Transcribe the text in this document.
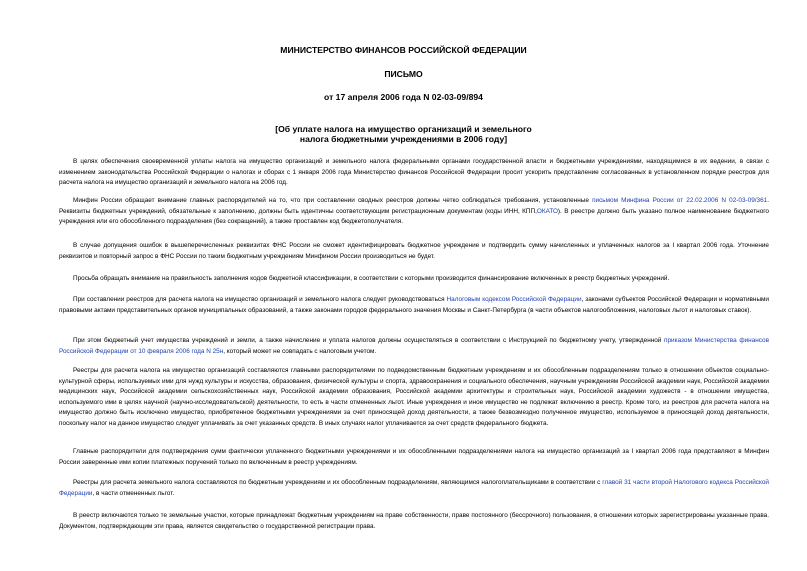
МИНИСТЕРСТВО ФИНАНСОВ РОССИЙСКОЙ ФЕДЕРАЦИИ
ПИСЬМО
от 17 апреля 2006 года N 02-03-09/894
[Об уплате налога на имущество организаций и земельного
налога бюджетными учреждениями в 2006 году]

В целях обеспечения своевременной уплаты налога на имущество организаций и земельного налога федеральными органами государственной власти и бюджетными учреждениями, находящимися в их ведении, в связи с изменением законодательства Российской Федерации о налогах и сборах с 1 января 2006 года Министерство финансов Российской Федерации просит ускорить представление согласованных в установленном порядке реестров для расчета налога на имущество организаций и земельного налога на 2006 год.

Минфин России обращает внимание главных распорядителей на то, что при составлении сводных реестров должны четко соблюдаться требования, установленные письмом Минфина России от 22.02.2006 N 02-03-09/361. Реквизиты бюджетных учреждений, обязательные к заполнению, должны быть идентичны соответствующим регистрационным документам (коды ИНН, КПП,ОКАТО). В реестре должно быть указано полное наименование бюджетного учреждения или его обособленного подразделения (без сокращений), а также проставлен код бюджетополучателя.

В случае допущения ошибок в вышеперечисленных реквизитах ФНС России не сможет идентифицировать бюджетное учреждение и подтвердить сумму начисленных и уплаченных налогов за I квартал 2006 года. Уточнение реквизитов и повторный запрос в ФНС России по таким бюджетным учреждениям Минфином России производиться не будет.

Просьба обращать внимание на правильность заполнения кодов бюджетной классификации, в соответствии с которыми производится финансирование включенных в реестр бюджетных учреждений.

При составлении реестров для расчета налога на имущество организаций и земельного налога следует руководствоваться Налоговым кодексом Российской Федерации, законами субъектов Российской Федерации и нормативными правовыми актами представительных органов муниципальных образований, а также законами городов федерального значения Москвы и Санкт-Петербурга (в части объектов налогообложения, налоговых льгот и налоговых ставок).

При этом бюджетный учет имущества учреждений и земли, а также начисление и уплата налогов должны осуществляться в соответствии с Инструкцией по бюджетному учету, утвержденной приказом Министерства финансов Российской Федерации от 10 февраля 2006 года N 25н, который может не совпадать с налоговым учетом.

Реестры для расчета налога на имущество организаций составляются главными распорядителями по подведомственным бюджетным учреждениям и их обособленным подразделениям только в отношении объектов социально-культурной сферы, используемых ими для нужд культуры и искусства, образования, физической культуры и спорта, здравоохранения и социального обеспечения, научным учреждениям Российской академии наук, Российской академии медицинских наук, Российской академии сельскохозяйственных наук, Российской академии образования, Российской академии архитектуры и строительных наук, Российской академии художеств - в отношении имущества, используемого ими в целях научной (научно-исследовательской) деятельности, то есть в части отмененных льгот. Иные учреждения и иное имущество не подлежат включению в реестр. Кроме того, из реестров для расчета налога на имущество должно быть исключено имущество, приобретенное бюджетными учреждениями за счет приносящей доход деятельности, а также безвозмездно полученное имущество, используемое в приносящей доход деятельности, поскольку налог на данное имущество следует уплачивать за счет указанных средств. В иных случаях налог уплачивается за счет средств федерального бюджета.

Главные распорядители для подтверждения сумм фактически уплаченного бюджетными учреждениями и их обособленными подразделениями налога на имущество организаций за I квартал 2006 года представляют в Минфин России заверенные ими копии платежных поручений только по включенным в реестр учреждениям.

Реестры для расчета земельного налога составляются по бюджетным учреждениям и их обособленным подразделениям, являющимся налогоплательщиками в соответствии с главой 31 части второй Налогового кодекса Российской Федерации, в части отмененных льгот.

В реестр включаются только те земельные участки, которые принадлежат бюджетным учреждениям на праве собственности, праве постоянного (бессрочного) пользования, в отношении которых зарегистрированы указанные права. Документом, подтверждающим эти права, является свидетельство о государственной регистрации права.
